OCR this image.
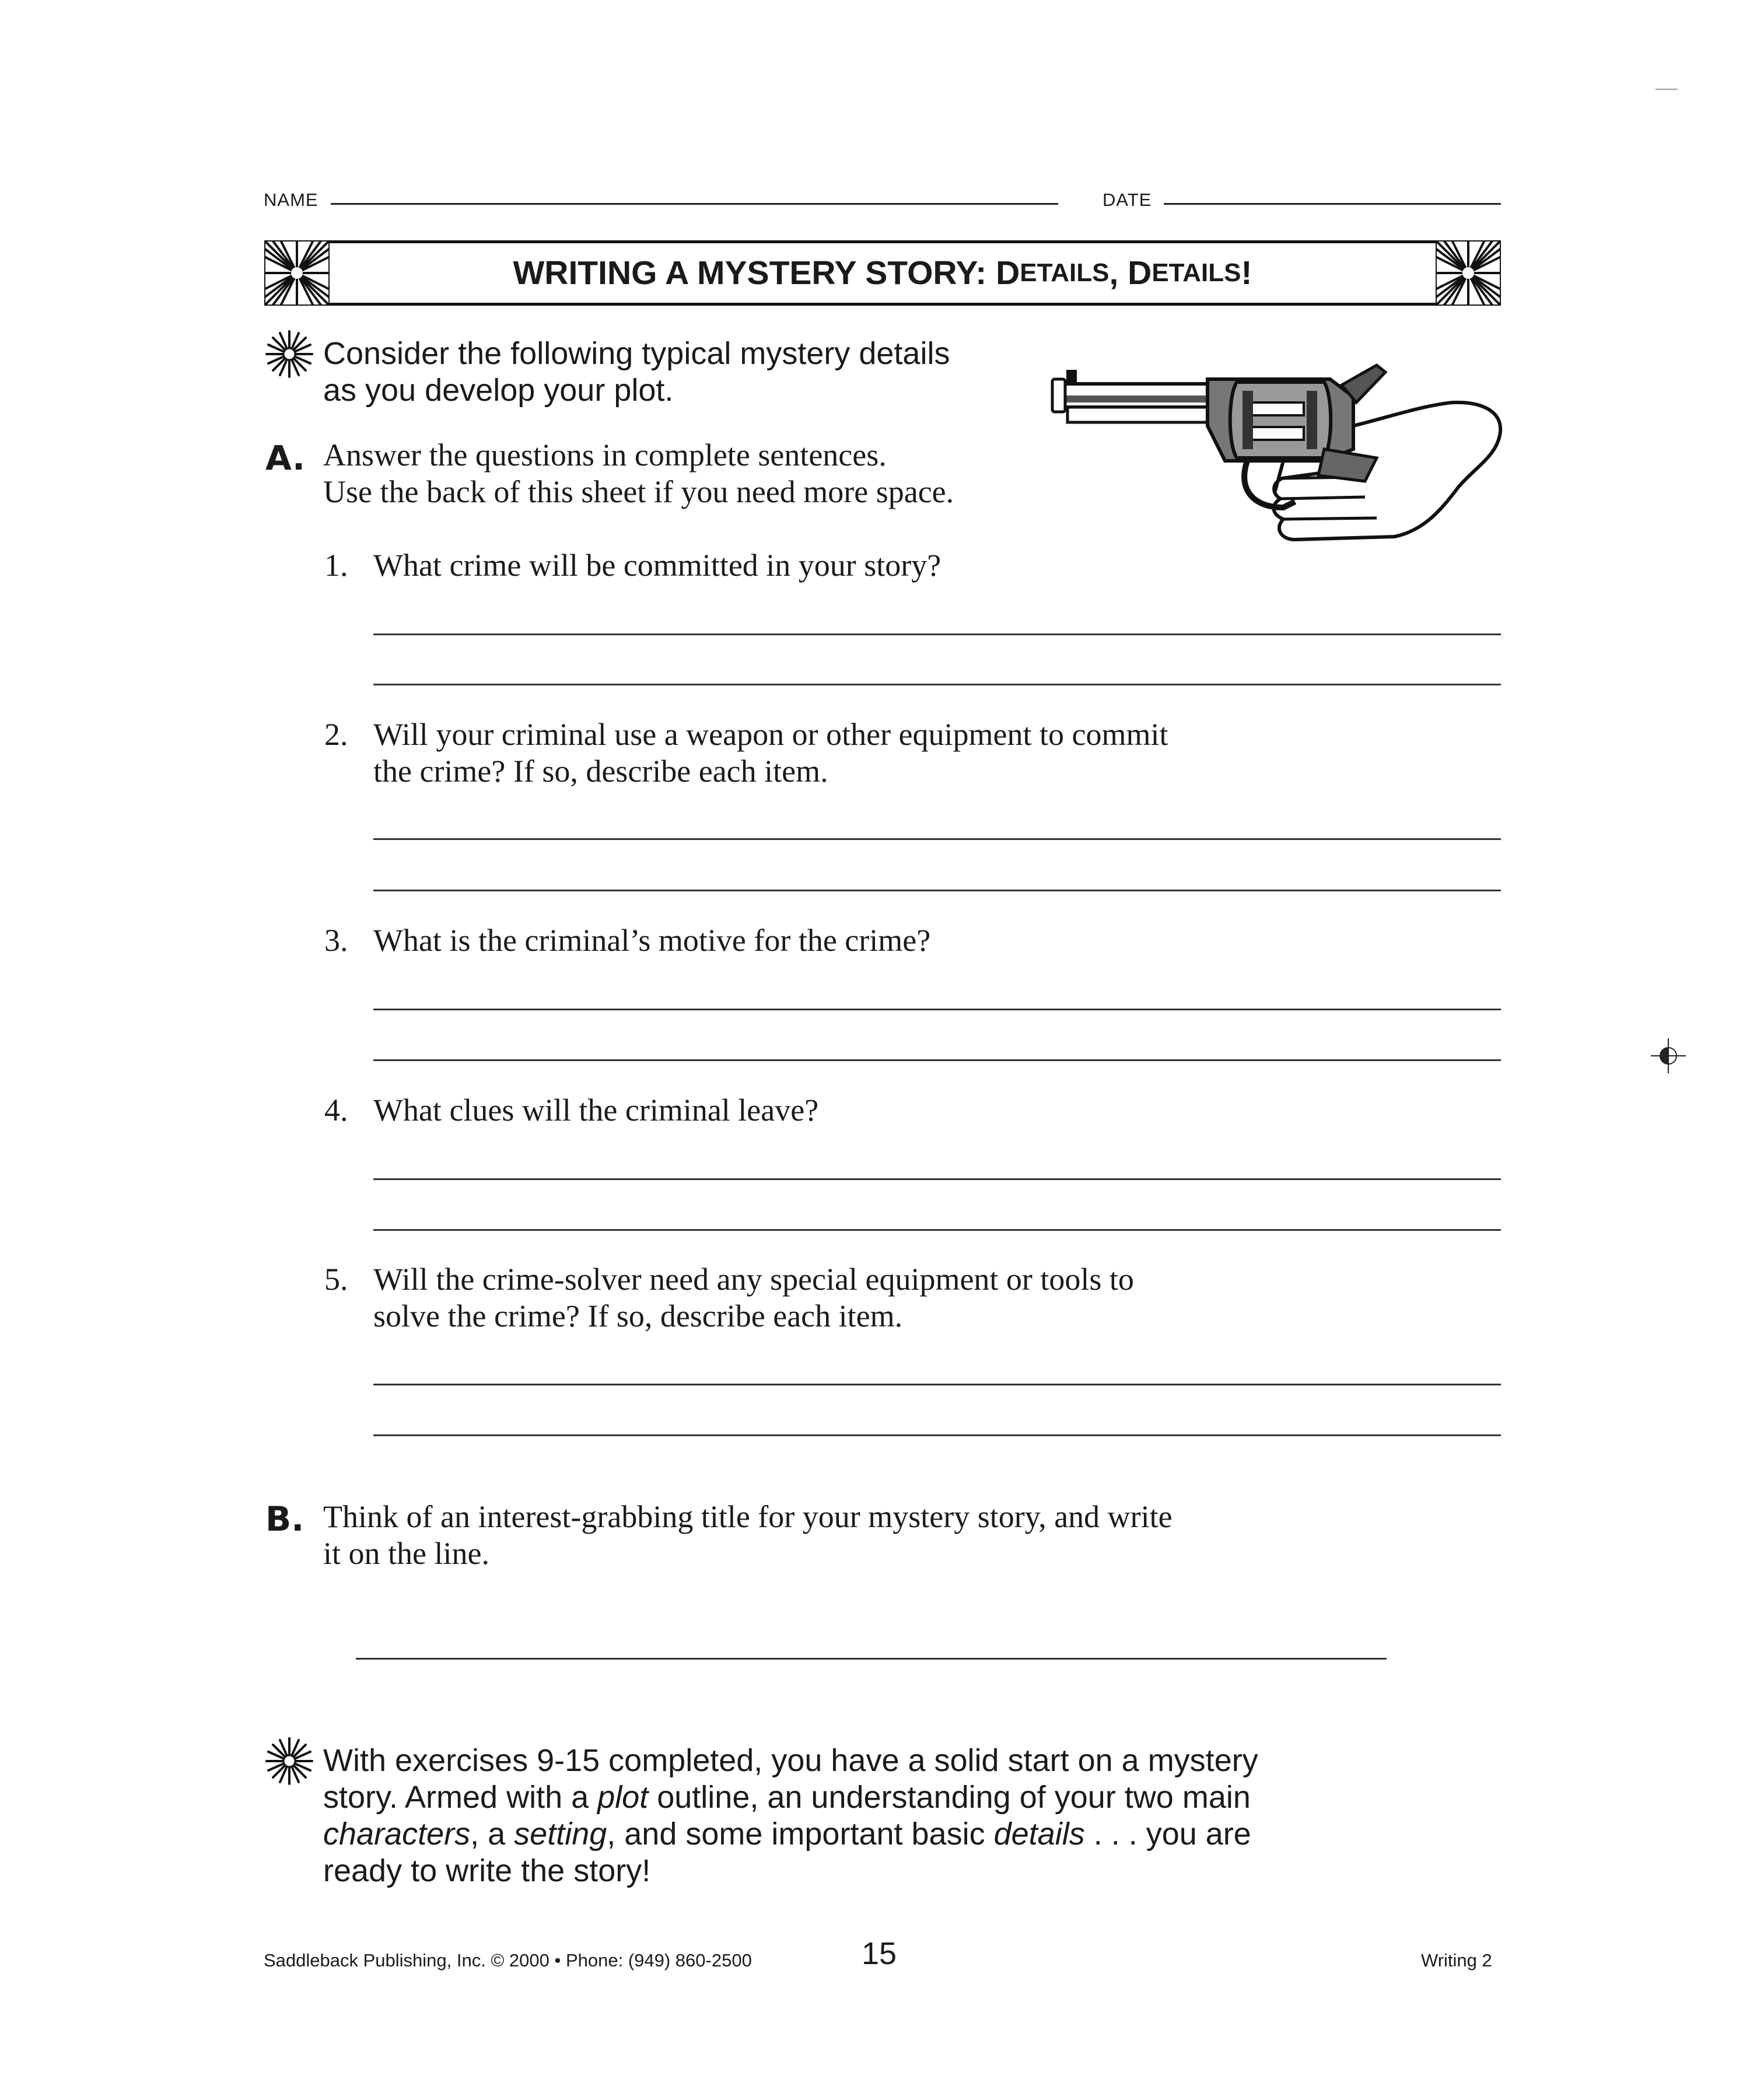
NAME	DATE
WRITING A MYSTERY STORY: D ETAILS , D ETAILS !
Consider the following typical mystery details
as you develop your plot.
A. Answer the questions in complete sentences.
Use the back of this sheet if you need more space.
1. What crime will be committed in your story?
2. Will your criminal use a weapon or other equipment to commit
the crime? If so, describe each item.
3. What is the criminal’s motive for the crime?
4. What clues will the criminal leave?
5. Will the crime-solver need any special equipment or tools to
solve the crime? If so, describe each item.
B. Think of an interest-grabbing title for your mystery story, and write
it on the line.
With exercises 9-15 completed, you have a solid start on a mystery
story. Armed with a plot outline, an understanding of your two main
characters, a setting, and some important basic details . . . you are
ready to write the story!
Saddleback Publishing, Inc. © 2000 • Phone: (949) 860-2500	15	Writing 2
